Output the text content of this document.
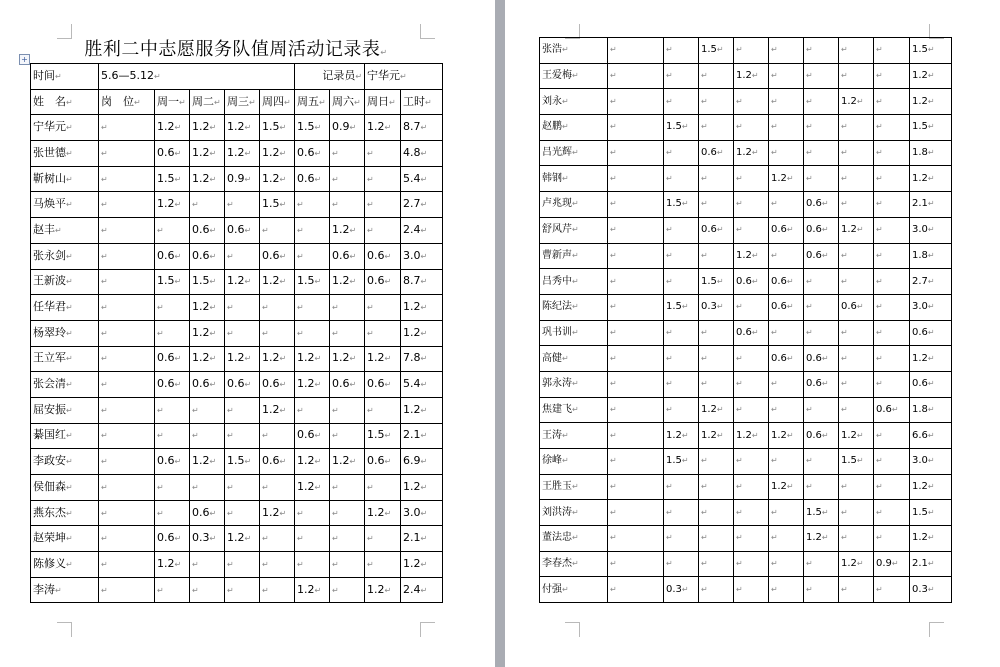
胜利二中志愿服务队值周活动记录表↵
+
时间↵	5.6—5.12↵					记录员↵		宁华元↵	
姓　名↵	岗　位↵	周一↵	周二↵	周三↵	周四↵	周五↵	周六↵	周日↵	工时↵
宁华元↵	↵	1.2↵	1.2↵	1.2↵	1.5↵	1.5↵	0.9↵	1.2↵	8.7↵
张世德↵	↵	0.6↵	1.2↵	1.2↵	1.2↵	0.6↵	↵	↵	4.8↵
靳树山↵	↵	1.5↵	1.2↵	0.9↵	1.2↵	0.6↵	↵	↵	5.4↵
马焕平↵	↵	1.2↵	↵	↵	1.5↵	↵	↵	↵	2.7↵
赵丰↵	↵	↵	0.6↵	0.6↵	↵	↵	1.2↵	↵	2.4↵
张永剑↵	↵	0.6↵	0.6↵	↵	0.6↵	↵	0.6↵	0.6↵	3.0↵
王新波↵	↵	1.5↵	1.5↵	1.2↵	1.2↵	1.5↵	1.2↵	0.6↵	8.7↵
任华君↵	↵	↵	1.2↵	↵	↵	↵	↵	↵	1.2↵
杨翠玲↵	↵	↵	1.2↵	↵	↵	↵	↵	↵	1.2↵
王立军↵	↵	0.6↵	1.2↵	1.2↵	1.2↵	1.2↵	1.2↵	1.2↵	7.8↵
张会清↵	↵	0.6↵	0.6↵	0.6↵	0.6↵	1.2↵	0.6↵	0.6↵	5.4↵
屈安振↵	↵	↵	↵	↵	1.2↵	↵	↵	↵	1.2↵
綦国红↵	↵	↵	↵	↵	↵	0.6↵	↵	1.5↵	2.1↵
李政安↵	↵	0.6↵	1.2↵	1.5↵	0.6↵	1.2↵	1.2↵	0.6↵	6.9↵
侯佃森↵	↵	↵	↵	↵	↵	1.2↵	↵	↵	1.2↵
燕东杰↵	↵	↵	0.6↵	↵	1.2↵	↵	↵	1.2↵	3.0↵
赵荣坤↵	↵	0.6↵	0.3↵	1.2↵	↵	↵	↵	↵	2.1↵
陈修义↵	↵	1.2↵	↵	↵	↵	↵	↵	↵	1.2↵
李涛↵	↵	↵	↵	↵	↵	1.2↵	↵	1.2↵	2.4↵
张浩↵	↵	↵	1.5↵	↵	↵	↵	↵	↵	1.5↵
王爱梅↵	↵	↵	↵	1.2↵	↵	↵	↵	↵	1.2↵
刘永↵	↵	↵	↵	↵	↵	↵	1.2↵	↵	1.2↵
赵鹏↵	↵	1.5↵	↵	↵	↵	↵	↵	↵	1.5↵
吕光辉↵	↵	↵	0.6↵	1.2↵	↵	↵	↵	↵	1.8↵
韩钢↵	↵	↵	↵	↵	1.2↵	↵	↵	↵	1.2↵
卢兆现↵	↵	1.5↵	↵	↵	↵	0.6↵	↵	↵	2.1↵
舒风芹↵	↵	↵	0.6↵	↵	0.6↵	0.6↵	1.2↵	↵	3.0↵
曹新声↵	↵	↵	↵	1.2↵	↵	0.6↵	↵	↵	1.8↵
吕秀中↵	↵	↵	1.5↵	0.6↵	0.6↵	↵	↵	↵	2.7↵
陈纪法↵	↵	1.5↵	0.3↵	↵	0.6↵	↵	0.6↵	↵	3.0↵
巩书训↵	↵	↵	↵	0.6↵	↵	↵	↵	↵	0.6↵
高健↵	↵	↵	↵	↵	0.6↵	0.6↵	↵	↵	1.2↵
郭永涛↵	↵	↵	↵	↵	↵	0.6↵	↵	↵	0.6↵
焦建飞↵	↵	↵	1.2↵	↵	↵	↵	↵	0.6↵	1.8↵
王涛↵	↵	1.2↵	1.2↵	1.2↵	1.2↵	0.6↵	1.2↵	↵	6.6↵
徐峰↵	↵	1.5↵	↵	↵	↵	↵	1.5↵	↵	3.0↵
王胜玉↵	↵	↵	↵	↵	1.2↵	↵	↵	↵	1.2↵
刘洪涛↵	↵	↵	↵	↵	↵	1.5↵	↵	↵	1.5↵
董法忠↵	↵	↵	↵	↵	↵	1.2↵	↵	↵	1.2↵
李春杰↵	↵	↵	↵	↵	↵	↵	1.2↵	0.9↵	2.1↵
付强↵	↵	0.3↵	↵	↵	↵	↵	↵	↵	0.3↵
